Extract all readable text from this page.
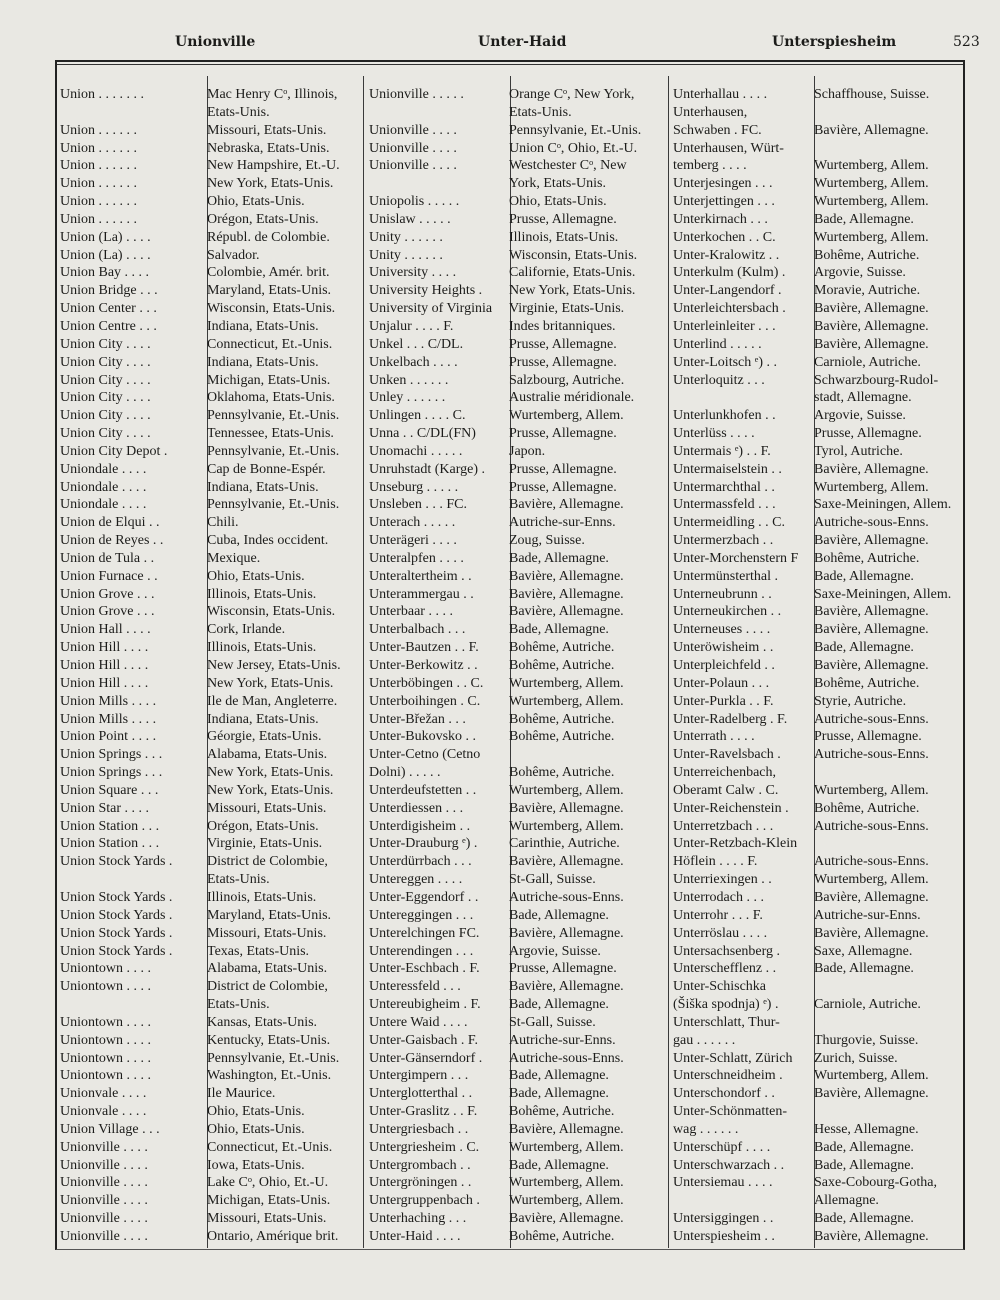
Unionville	Unter-Haid	Unterspiesheim	523
Union . . . . . . .	Mac Henry Cᵒ, Illinois,
Etats-Unis.
Union . . . . . .	Missouri, Etats-Unis.
Union . . . . . .	Nebraska, Etats-Unis.
Union . . . . . .	New Hampshire, Et.-U.
Union . . . . . .	New York, Etats-Unis.
Union . . . . . .	Ohio, Etats-Unis.
Union . . . . . .	Orégon, Etats-Unis.
Union (La) . . . .	Républ. de Colombie.
Union (La) . . . .	Salvador.
Union Bay . . . .	Colombie, Amér. brit.
Union Bridge . . .	Maryland, Etats-Unis.
Union Center . . .	Wisconsin, Etats-Unis.
Union Centre . . .	Indiana, Etats-Unis.
Union City . . . .	Connecticut, Et.-Unis.
Union City . . . .	Indiana, Etats-Unis.
Union City . . . .	Michigan, Etats-Unis.
Union City . . . .	Oklahoma, Etats-Unis.
Union City . . . .	Pennsylvanie, Et.-Unis.
Union City . . . .	Tennessee, Etats-Unis.
Union City Depot .	Pennsylvanie, Et.-Unis.
Uniondale . . . .	Cap de Bonne-Espér.
Uniondale . . . .	Indiana, Etats-Unis.
Uniondale . . . .	Pennsylvanie, Et.-Unis.
Union de Elqui . .	Chili.
Union de Reyes . .	Cuba, Indes occident.
Union de Tula . .	Mexique.
Union Furnace . .	Ohio, Etats-Unis.
Union Grove . . .	Illinois, Etats-Unis.
Union Grove . . .	Wisconsin, Etats-Unis.
Union Hall . . . .	Cork, Irlande.
Union Hill . . . .	Illinois, Etats-Unis.
Union Hill . . . .	New Jersey, Etats-Unis.
Union Hill . . . .	New York, Etats-Unis.
Union Mills . . . .	Ile de Man, Angleterre.
Union Mills . . . .	Indiana, Etats-Unis.
Union Point . . . .	Géorgie, Etats-Unis.
Union Springs . . .	Alabama, Etats-Unis.
Union Springs . . .	New York, Etats-Unis.
Union Square . . .	New York, Etats-Unis.
Union Star . . . .	Missouri, Etats-Unis.
Union Station . . .	Orégon, Etats-Unis.
Union Station . . .	Virginie, Etats-Unis.
Union Stock Yards .	District de Colombie,
Etats-Unis.
Union Stock Yards .	Illinois, Etats-Unis.
Union Stock Yards .	Maryland, Etats-Unis.
Union Stock Yards .	Missouri, Etats-Unis.
Union Stock Yards .	Texas, Etats-Unis.
Uniontown . . . .	Alabama, Etats-Unis.
Uniontown . . . .	District de Colombie,
Etats-Unis.
Uniontown . . . .	Kansas, Etats-Unis.
Uniontown . . . .	Kentucky, Etats-Unis.
Uniontown . . . .	Pennsylvanie, Et.-Unis.
Uniontown . . . .	Washington, Et.-Unis.
Unionvale . . . .	Ile Maurice.
Unionvale . . . .	Ohio, Etats-Unis.
Union Village . . .	Ohio, Etats-Unis.
Unionville . . . .	Connecticut, Et.-Unis.
Unionville . . . .	Iowa, Etats-Unis.
Unionville . . . .	Lake Cᵒ, Ohio, Et.-U.
Unionville . . . .	Michigan, Etats-Unis.
Unionville . . . .	Missouri, Etats-Unis.
Unionville . . . .	Ontario, Amérique brit.
Unionville . . . . .	Orange Cᵒ, New York,
Etats-Unis.
Unionville . . . .	Pennsylvanie, Et.-Unis.
Unionville . . . .	Union Cᵒ, Ohio, Et.-U.
Unionville . . . .	Westchester Cᵒ, New
York, Etats-Unis.
Uniopolis . . . . .	Ohio, Etats-Unis.
Unislaw . . . . .	Prusse, Allemagne.
Unity . . . . . .	Illinois, Etats-Unis.
Unity . . . . . .	Wisconsin, Etats-Unis.
University . . . .	Californie, Etats-Unis.
University Heights .	New York, Etats-Unis.
University of Virginia	Virginie, Etats-Unis.
Unjalur . . . . F.	Indes britanniques.
Unkel . . . C/DL.	Prusse, Allemagne.
Unkelbach . . . .	Prusse, Allemagne.
Unken . . . . . .	Salzbourg, Autriche.
Unley . . . . . .	Australie méridionale.
Unlingen . . . . C.	Wurtemberg, Allem.
Unna . . C/DL(FN)	Prusse, Allemagne.
Unomachi . . . . .	Japon.
Unruhstadt (Karge) .	Prusse, Allemagne.
Unseburg . . . . .	Prusse, Allemagne.
Unsleben . . . FC.	Bavière, Allemagne.
Unterach . . . . .	Autriche-sur-Enns.
Unterägeri . . . .	Zoug, Suisse.
Unteralpfen . . . .	Bade, Allemagne.
Unteraltertheim . .	Bavière, Allemagne.
Unterammergau . .	Bavière, Allemagne.
Unterbaar . . . .	Bavière, Allemagne.
Unterbalbach . . .	Bade, Allemagne.
Unter-Bautzen . . F.	Bohême, Autriche.
Unter-Berkowitz . .	Bohême, Autriche.
Unterböbingen . . C.	Wurtemberg, Allem.
Unterboihingen . C.	Wurtemberg, Allem.
Unter-Břežan . . .	Bohême, Autriche.
Unter-Bukovsko . .	Bohême, Autriche.
Unter-Cetno (Cetno
Dolni) . . . . .	Bohême, Autriche.
Unterdeufstetten . .	Wurtemberg, Allem.
Unterdiessen . . .	Bavière, Allemagne.
Unterdigisheim . .	Wurtemberg, Allem.
Unter-Drauburg ᵉ) .	Carinthie, Autriche.
Unterdürrbach . . .	Bavière, Allemagne.
Untereggen . . . .	St-Gall, Suisse.
Unter-Eggendorf . .	Autriche-sous-Enns.
Untereggingen . . .	Bade, Allemagne.
Unterelchingen FC.	Bavière, Allemagne.
Unterendingen . . .	Argovie, Suisse.
Unter-Eschbach . F.	Prusse, Allemagne.
Unteressfeld . . .	Bavière, Allemagne.
Untereubigheim . F.	Bade, Allemagne.
Untere Waid . . . .	St-Gall, Suisse.
Unter-Gaisbach . F.	Autriche-sur-Enns.
Unter-Gänserndorf .	Autriche-sous-Enns.
Untergimpern . . .	Bade, Allemagne.
Unterglotterthal . .	Bade, Allemagne.
Unter-Graslitz . . F.	Bohême, Autriche.
Untergriesbach . .	Bavière, Allemagne.
Untergriesheim . C.	Wurtemberg, Allem.
Untergrombach . .	Bade, Allemagne.
Untergröningen . .	Wurtemberg, Allem.
Untergruppenbach .	Wurtemberg, Allem.
Unterhaching . . .	Bavière, Allemagne.
Unter-Haid . . . .	Bohême, Autriche.
Unterhallau . . . .	Schaffhouse, Suisse.
Unterhausen,
Schwaben . FC.	Bavière, Allemagne.
Unterhausen, Würt-
temberg . . . .	Wurtemberg, Allem.
Unterjesingen . . .	Wurtemberg, Allem.
Unterjettingen . . .	Wurtemberg, Allem.
Unterkirnach . . .	Bade, Allemagne.
Unterkochen . . C.	Wurtemberg, Allem.
Unter-Kralowitz . .	Bohême, Autriche.
Unterkulm (Kulm) .	Argovie, Suisse.
Unter-Langendorf .	Moravie, Autriche.
Unterleichtersbach .	Bavière, Allemagne.
Unterleinleiter . . .	Bavière, Allemagne.
Unterlind . . . . .	Bavière, Allemagne.
Unter-Loitsch ᵉ) . .	Carniole, Autriche.
Unterloquitz . . .	Schwarzbourg-Rudol-
stadt, Allemagne.
Unterlunkhofen . .	Argovie, Suisse.
Unterlüss . . . .	Prusse, Allemagne.
Untermais ᵉ) . . F.	Tyrol, Autriche.
Untermaiselstein . .	Bavière, Allemagne.
Untermarchthal . .	Wurtemberg, Allem.
Untermassfeld . . .	Saxe-Meiningen, Allem.
Untermeidling . . C.	Autriche-sous-Enns.
Untermerzbach . .	Bavière, Allemagne.
Unter-Morchenstern F	Bohême, Autriche.
Untermünsterthal .	Bade, Allemagne.
Unterneubrunn . .	Saxe-Meiningen, Allem.
Unterneukirchen . .	Bavière, Allemagne.
Unterneuses . . . .	Bavière, Allemagne.
Unteröwisheim . .	Bade, Allemagne.
Unterpleichfeld . .	Bavière, Allemagne.
Unter-Polaun . . .	Bohême, Autriche.
Unter-Purkla . . F.	Styrie, Autriche.
Unter-Radelberg . F.	Autriche-sous-Enns.
Unterrath . . . .	Prusse, Allemagne.
Unter-Ravelsbach .	Autriche-sous-Enns.
Unterreichenbach,
Oberamt Calw . C.	Wurtemberg, Allem.
Unter-Reichenstein .	Bohême, Autriche.
Unterretzbach . . .	Autriche-sous-Enns.
Unter-Retzbach-Klein
Höflein . . . . F.	Autriche-sous-Enns.
Unterriexingen . .	Wurtemberg, Allem.
Unterrodach . . .	Bavière, Allemagne.
Unterrohr . . . F.	Autriche-sur-Enns.
Unterröslau . . . .	Bavière, Allemagne.
Untersachsenberg .	Saxe, Allemagne.
Unterschefflenz . .	Bade, Allemagne.
Unter-Schischka
(Šiška spodnja) ᵉ) .	Carniole, Autriche.
Unterschlatt, Thur-
gau . . . . . .	Thurgovie, Suisse.
Unter-Schlatt, Zürich	Zurich, Suisse.
Unterschneidheim .	Wurtemberg, Allem.
Unterschondorf . .	Bavière, Allemagne.
Unter-Schönmatten-
wag . . . . . .	Hesse, Allemagne.
Unterschüpf . . . .	Bade, Allemagne.
Unterschwarzach . .	Bade, Allemagne.
Untersiemau . . . .	Saxe-Cobourg-Gotha,
Allemagne.
Untersiggingen . .	Bade, Allemagne.
Unterspiesheim . .	Bavière, Allemagne.
